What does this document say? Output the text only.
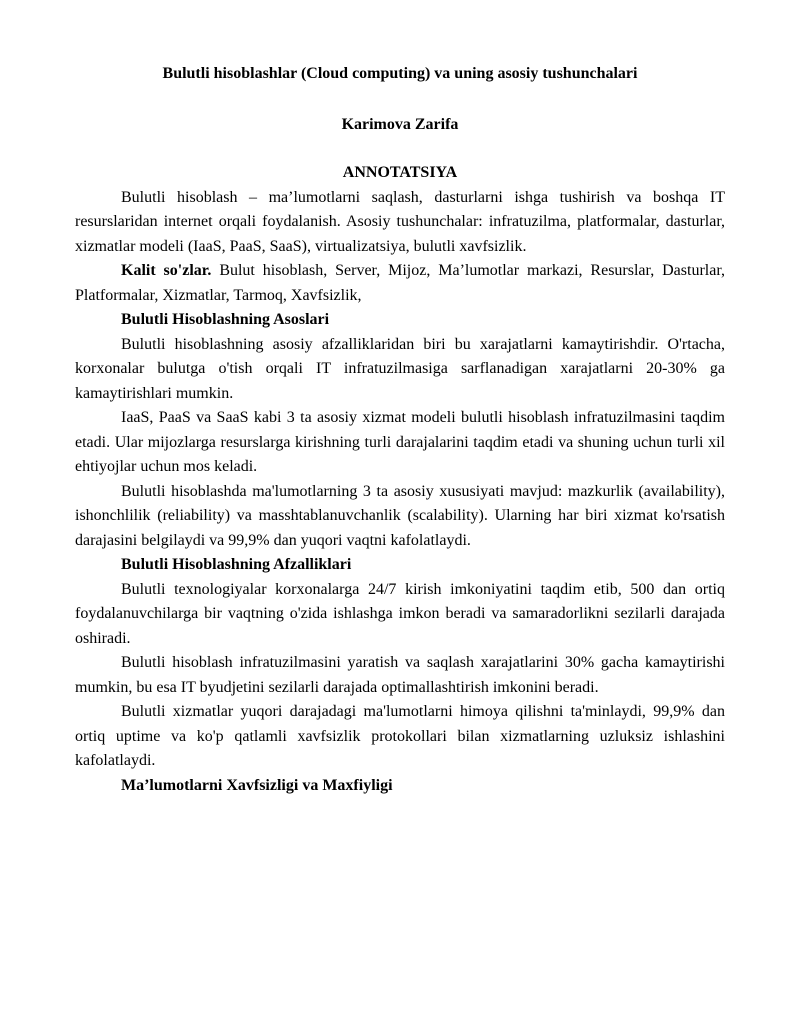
Bulutli hisoblashlar (Cloud computing) va uning asosiy tushunchalari

Karimova Zarifa

ANNOTATSIYA

Bulutli hisoblash – ma’lumotlarni saqlash, dasturlarni ishga tushirish va boshqa IT resurslaridan internet orqali foydalanish. Asosiy tushunchalar: infratuzilma, platformalar, dasturlar, xizmatlar modeli (IaaS, PaaS, SaaS), virtualizatsiya, bulutli xavfsizlik.

Kalit so'zlar. Bulut hisoblash, Server, Mijoz, Ma’lumotlar markazi, Resurslar, Dasturlar, Platformalar, Xizmatlar, Tarmoq, Xavfsizlik,

Bulutli Hisoblashning Asoslari

Bulutli hisoblashning asosiy afzalliklaridan biri bu xarajatlarni kamaytirishdir. O'rtacha, korxonalar bulutga o'tish orqali IT infratuzilmasiga sarflanadigan xarajatlarni 20-30% ga kamaytirishlari mumkin.

IaaS, PaaS va SaaS kabi 3 ta asosiy xizmat modeli bulutli hisoblash infratuzilmasini taqdim etadi. Ular mijozlarga resurslarga kirishning turli darajalarini taqdim etadi va shuning uchun turli xil ehtiyojlar uchun mos keladi.

Bulutli hisoblashda ma'lumotlarning 3 ta asosiy xususiyati mavjud: mazkurlik (availability), ishonchlilik (reliability) va masshtablanuvchanlik (scalability). Ularning har biri xizmat ko'rsatish darajasini belgilaydi va 99,9% dan yuqori vaqtni kafolatlaydi.

Bulutli Hisoblashning Afzalliklari

Bulutli texnologiyalar korxonalarga 24/7 kirish imkoniyatini taqdim etib, 500 dan ortiq foydalanuvchilarga bir vaqtning o'zida ishlashga imkon beradi va samaradorlikni sezilarli darajada oshiradi.

Bulutli hisoblash infratuzilmasini yaratish va saqlash xarajatlarini 30% gacha kamaytirishi mumkin, bu esa IT byudjetini sezilarli darajada optimallashtirish imkonini beradi.

Bulutli xizmatlar yuqori darajadagi ma'lumotlarni himoya qilishni ta'minlaydi, 99,9% dan ortiq uptime va ko'p qatlamli xavfsizlik protokollari bilan xizmatlarning uzluksiz ishlashini kafolatlaydi.

Ma’lumotlarni Xavfsizligi va Maxfiyligi
